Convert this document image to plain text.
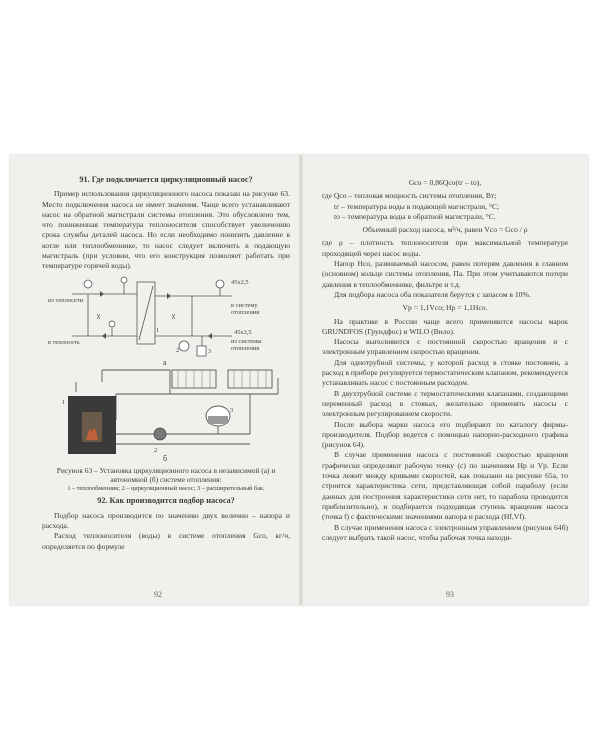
91. Где подключается циркуляционный насос?

Пример использования циркуляционного насоса показан на рисунке 63. Место подключения насоса не имеет значения. Чаще всего устанавливают насос на обратной магистрали системы отопления. Это обусловлено тем, что пониженная температура теплоносителя способствует увеличению срока службы деталей насоса. Но если необходимо понизить давление в котле или теплообменнике, то насос следует включить в подающую магистраль (при условии, что его конструкция позволяет работать при температуре горячей воды).

из теплосети
в теплосеть
45x2,5
в систему отопления
45x2,5
из системы отопления
1
2	3
а
1
2
3
б

Рисунок 63 – Установка циркуляционного насоса в независимой (а) и автономной (б) системе отопления:

1 – теплообменник; 2 – циркуляционный насос; 3 – расширительный бак.

92. Как производится подбор насоса?

Подбор насоса производится по значению двух величин – напора и расхода.

Расход теплоносителя (воды) в системе отопления Gсо, кг/ч, определяется по формуле

92

Gсо = 0,86Qсо(tг – tо),

где Qсо – тепловая мощность системы отопления, Вт;

tг – температура воды в подающей магистрали, °С;

tо – температура воды в обратной магистрали, °С.

Объемный расход насоса, м³/ч, равен Vсо = Gсо / ρ

где ρ – плотность теплоносителя при максимальной температуре проходящей через насос воды.

Напор Hсо, развиваемый насосом, равен потерям давления в главном (основном) кольце системы отопления, Па. При этом учитываются потери давления в теплообменнике, фильтре и т.д.

Для подбора насоса оба показателя берутся с запасом в 10%.

Vр = 1,1Vсо; Hр = 1,1Hсо.

На практике в России чаще всего применяются насосы марок GRUNDFOS (Грундфос) и WILO (Вило).

Насосы выполняются с постоянной скоростью вращения и с электронным управлением скоростью вращения.

Для однотрубной системы, у которой расход в стояке постоянен, а расход в приборе регулируется термостатическим клапаном, рекомендуется устанавливать насос с постоянным расходом.

В двухтрубной системе с термостатическими клапанами, создающими переменный расход в стояках, желательно применять насосы с электронным регулированием скорости.

После выбора марки насоса его подбирают по каталогу фирмы-производителя. Подбор ведется с помощью напорно-расходного графика (рисунок 64).

В случае применения насоса с постоянной скоростью вращения графически определяют рабочую точку (с) по значениям Hр и Vр. Если точка лежит между кривыми скоростей, как показано на рисунке 65а, то строится характеристика сети, представляющая собой параболу (если данных для построения характеристики сети нет, то парабола проводится приблизительно), и подбирается подходящая ступень вращения насоса (точка f) с фактическими значениями напора и расхода (Hf,Vf).

В случае применения насоса с электронным управлением (рисунок 64б) следует выбрать такой насос, чтобы рабочая точка находи-

93
